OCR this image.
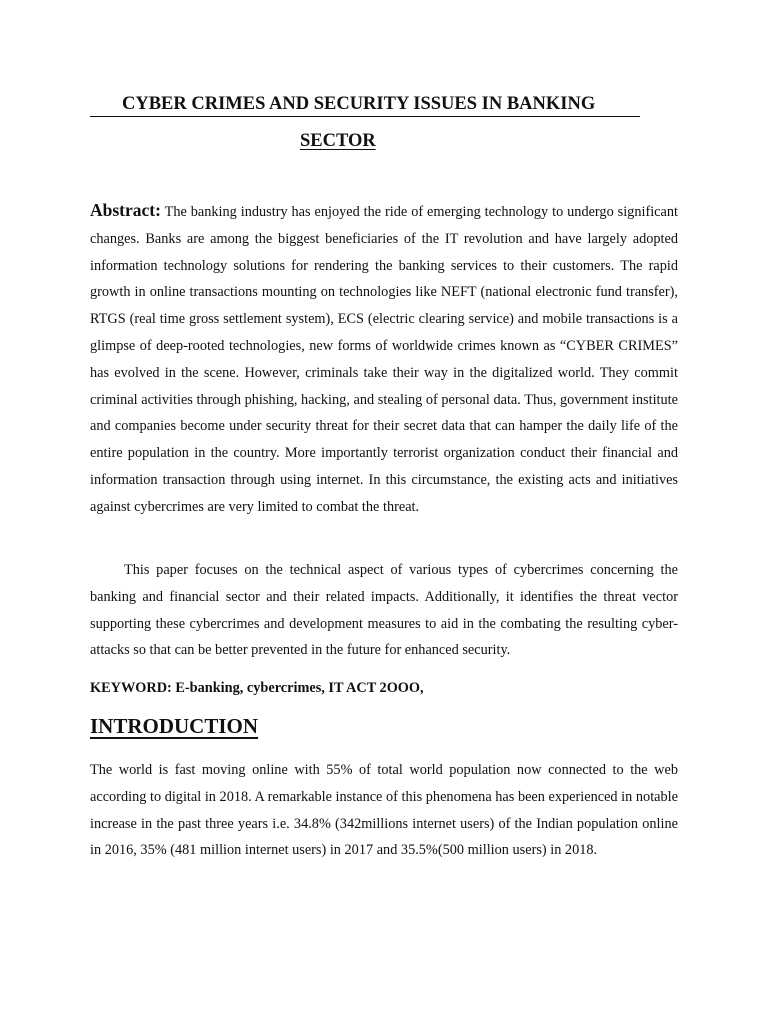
CYBER CRIMES AND SECURITY ISSUES IN BANKING
SECTOR

Abstract: The banking industry has enjoyed the ride of emerging technology to undergo significant changes. Banks are among the biggest beneficiaries of the IT revolution and have largely adopted information technology solutions for rendering the banking services to their customers. The rapid growth in online transactions mounting on technologies like NEFT (national electronic fund transfer), RTGS (real time gross settlement system), ECS (electric clearing service) and mobile transactions is a glimpse of deep-rooted technologies, new forms of worldwide crimes known as “CYBER CRIMES” has evolved in the scene. However, criminals take their way in the digitalized world. They commit criminal activities through phishing, hacking, and stealing of personal data. Thus, government institute and companies become under security threat for their secret data that can hamper the daily life of the entire population in the country. More importantly terrorist organization conduct their financial and information transaction through using internet. In this circumstance, the existing acts and initiatives against cybercrimes are very limited to combat the threat.

This paper focuses on the technical aspect of various types of cybercrimes concerning the banking and financial sector and their related impacts. Additionally, it identifies the threat vector supporting these cybercrimes and development measures to aid in the combating the resulting cyber-attacks so that can be better prevented in the future for enhanced security.

KEYWORD: E-banking, cybercrimes, IT ACT 2OOO,
INTRODUCTION

The world is fast moving online with 55% of total world population now connected to the web according to digital in 2018. A remarkable instance of this phenomena has been experienced in notable increase in the past three years i.e. 34.8% (342millions internet users) of the Indian population online in 2016, 35% (481 million internet users) in 2017 and 35.5%(500 million users) in 2018.
